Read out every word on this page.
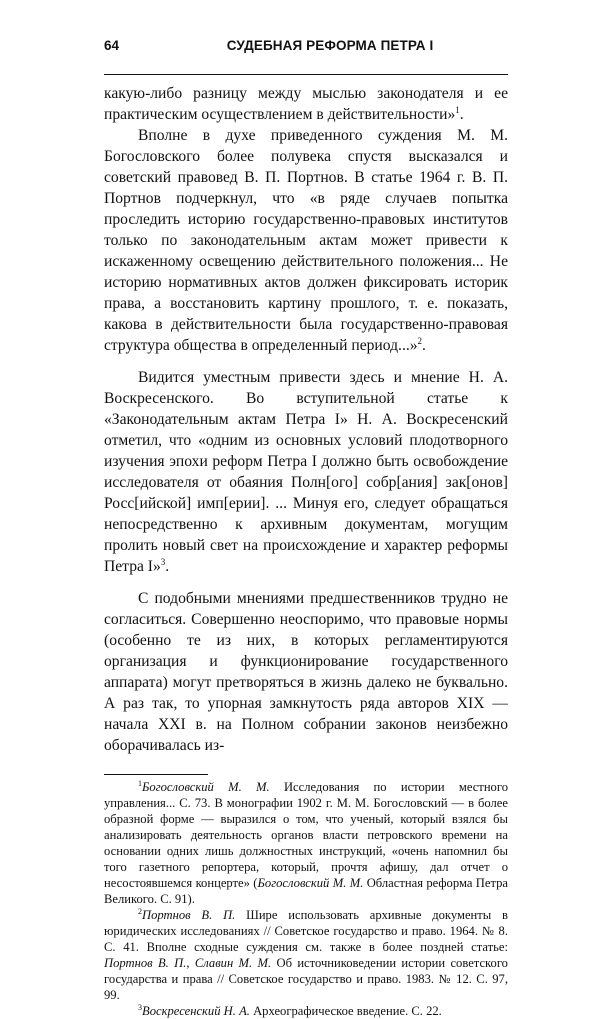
64	СУДЕБНАЯ РЕФОРМА ПЕТРА I

какую-либо разницу между мыслью законодателя и ее практическим осуществлением в действительности»$^1$.

Вполне в духе приведенного суждения М. М. Богословского более полувека спустя высказался и советский правовед В. П. Портнов. В статье 1964 г. В. П. Портнов подчеркнул, что «в ряде случаев попытка проследить историю государственно-правовых институтов только по законодательным актам может привести к искаженному освещению действительного положения... Не историю нормативных актов должен фиксировать историк права, а восстановить картину прошлого, т. е. показать, какова в действительности была государственно-правовая структура общества в определенный период...»$^2$.

Видится уместным привести здесь и мнение Н. А. Воскресенского. Во вступительной статье к «Законодательным актам Петра I» Н. А. Воскресенский отметил, что «одним из основных условий плодотворного изучения эпохи реформ Петра I должно быть освобождение исследователя от обаяния Полн[ого] собр[ания] зак[онов] Росс[ийской] имп[ерии]. ... Минуя его, следует обращаться непосредственно к архивным документам, могущим пролить новый свет на происхождение и характер реформы Петра I»$^3$.

С подобными мнениями предшественников трудно не согласиться. Совершенно неоспоримо, что правовые нормы (особенно те из них, в которых регламентируются организация и функционирование государственного аппарата) могут претворяться в жизнь далеко не буквально. А раз так, то упорная замкнутость ряда авторов XIX — начала XXI в. на Полном собрании законов неизбежно оборачивалась из-

$^1$Богословский М. М. Исследования по истории местного управления... С. 73. В монографии 1902 г. М. М. Богословский — в более образной форме — выразился о том, что ученый, который взялся бы анализировать деятельность органов власти петровского времени на основании одних лишь должностных инструкций, «очень напомнил бы того газетного репортера, который, прочтя афишу, дал отчет о несостоявшемся концерте» (Богословский М. М. Областная реформа Петра Великого. С. 91).

$^2$Портнов В. П. Шире использовать архивные документы в юридических исследованиях // Советское государство и право. 1964. № 8. С. 41. Вполне сходные суждения см. также в более поздней статье: Портнов В. П., Славин М. М. Об источниковедении истории советского государства и права // Советское государство и право. 1983. № 12. С. 97, 99.

$^3$Воскресенский Н. А. Археографическое введение. С. 22.
